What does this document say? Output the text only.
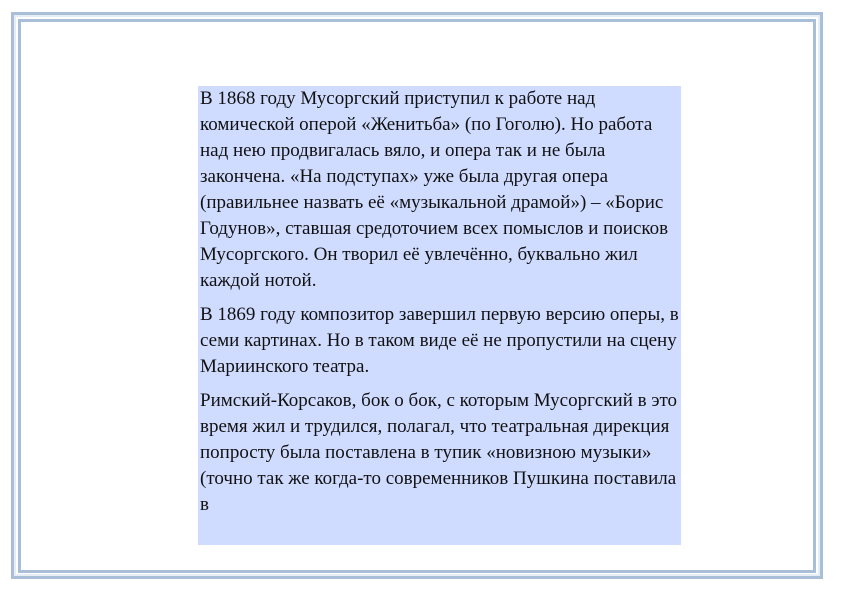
В 1868 году Мусоргский приступил к работе над комической оперой «Женитьба» (по Гоголю). Но работа над нею продвигалась вяло, и опера так и не была закончена. «На подступах» уже была другая опера (правильнее назвать её «музыкальной драмой») – «Борис Годунов», ставшая средоточием всех помыслов и поисков Мусоргского. Он творил её увлечённо, буквально жил каждой нотой.

В 1869 году композитор завершил первую версию оперы, в семи картинах. Но в таком виде её не пропустили на сцену Мариинского театра.

Римский-Корсаков, бок о бок, с которым Мусоргский в это время жил и трудился, полагал, что театральная дирекция попросту была поставлена в тупик «новизною музыки» (точно так же когда-то современников Пушкина поставила в
